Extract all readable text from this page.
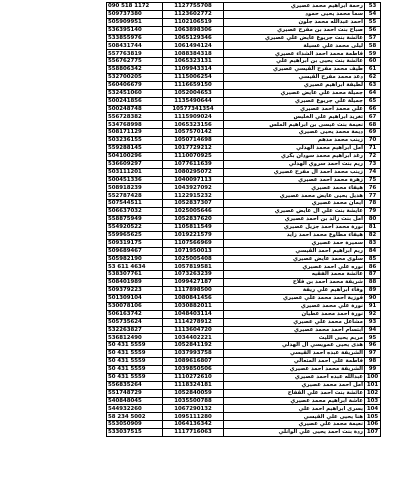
090 518 1172	1127755708	رحمة ابراهيم محمد عصيري	53
509737380	1123602772	سما محمد يحيى حمود	54
505909951	1102106519	احمد عبدالله محمد جلون	55
536395140	1063898306	صباح بنت احمد بن مفرح عصيري	56
533855976	1065129346	عائشة بنت جريوع عايض علي عصيري	57
508431744	1061494124	ليلى محمد علي عسيلة	58
557763819	1088384318	فاطمة محمد احمد الشداء عصيري	59
556762775	1065323131	عائشة بنت يحيى بن ابراهيم علي	60
558806342	1109943314	طيف محمد مفرح القيسي عصيري	61
532700205	1115006254	دعد محمد مفرح القيسي	62
560406679	1116659150	لطيفة ابراهيم عصيري	63
532451060	1052004653	جميلة محمد علي عايض عصيري	64
500241856	1135490644	جميلة علي جريوع عصيري	65
500248748	10577341354	علي محمد احمد عصيري	66
556728382	1115909024	تغريد ابراهيم علي الخليس	67
534768998	1065323156	نعيمة بنت عيسى بن ابراهيم الملس	68
508171129	1057570142	ديمة محمد يحيى عصيري	69
503236155	1050714698	زينب محمد مدهم	70
559288145	1017729212	امل ابراهيم محمد الهدلي	71
504100296	1110070925	رغد ابراهيم محمد سودان بكري	72
536609297	1077611639	ريم بنت احمد سروي الهدلي	73
503111201	1080295072	زينب محمد احمد ال مفرح عصيري	74
500451336	1040097113	زهرة محمد احمد عصيري	75
508918239	1043927092	هيفاء محمد عصيري	76
552787428	1122915232	هديل يحيى عايض محمد عصيري	77
507544511	1052837307	ايمان محمد عصيري	78
506637032	1025005646	عايشة بنت علي ال عايض عصيري	79
558875949	1052837620	امل بنت زائد بن احمد عصيري	80
554920522	1105811549	نورة محمد احمد جزيل عصيري	81
559965625	1019221579	هيفاء مطاوع محمد احمد زايد	82
509319175	1107566969	سميرة حمد عصيري	83
509689467	1071950013	ريم ابراهيم احمد القيسي	84
505982190	1025005408	سلوى محمد عايض عصيري	85
53 611 4634	1057819581	نوره علي احمد عصيري	86
538307761	1073263239	عائشة محمد الفقيه	87
508401989	1099427187	شريفة محمد احمد بن فلاح	88
509379223	1117898500	وفاء ابراهيم علي ريفة	89
501309104	1080841456	فوزية احمد محمد علي عصيري	90
530078106	1030882011	نورة علي محمد عصيري	91
506163742	1048403114	نورة احمد محمد عطيان	92
505735624	1114278912	مشاعل محمد علي عصيري	93
532263827	1113604720	ابتسام احمد محمد عصيري	94
536812490	1034402221	مريم يحيى الليث	95
50 431 5559	1052841192	هدى يحيى عمويسي ال الهدلي	96
50 431 5559	1037993758	الشريفة عبده احمد القيسي	97
50 431 5559	1089616807	فاطمة علي احمد المتعالي	98
50 431 5559	1039850506	الشريفة محمد احمد عصيري	99
50 431 5559	1110272610	عبدالله عبده احمد عصيري	100
556835264	1118324181	امل احمد محمد عصيري	101
551748729	1052840059	عائشة بنت احمد علي القفاح	102
540848045	1035500788	عاشة ابراهيم محمد عصيري	103
544932260	1067290132	يسرى ابراهيم احمد علي	104
58 234 5002	1095111280	هنا يحيى علي القيسي	105
553050909	1064136342	نعيمة محمد علي عصيري	106
533037515	1117716063	ردة بنت احمد يحيى علي الوانلي	107
